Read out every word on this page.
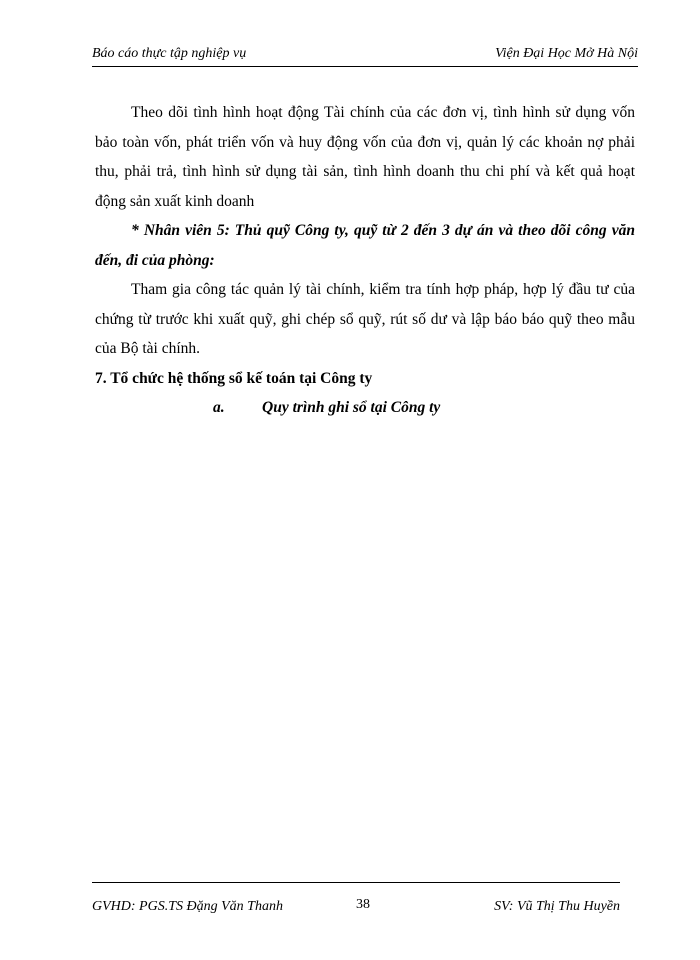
Báo cáo thực tập nghiệp vụ	Viện Đại Học Mở Hà Nội

Theo dõi tình hình hoạt động Tài chính của các đơn vị, tình hình sử dụng vốn bảo toàn vốn, phát triển vốn và huy động vốn của đơn vị, quản lý các khoản nợ phải thu, phải trả, tình hình sử dụng tài sản, tình hình doanh thu chi phí và kết quả hoạt động sản xuất kinh doanh

* Nhân viên 5: Thủ quỹ Công ty, quỹ từ 2 đến 3 dự án và theo dõi công văn đến, đi của phòng:

Tham gia công tác quản lý tài chính, kiểm tra tính hợp pháp, hợp lý đầu tư của chứng từ trước khi xuất quỹ, ghi chép sổ quỹ, rút số dư và lập báo báo quỹ theo mẫu của Bộ tài chính.

7. Tổ chức hệ thống sổ kế toán tại Công ty

a. Quy trình ghi sổ tại Công ty
GVHD: PGS.TS Đặng Văn Thanh	38	SV: Vũ Thị Thu Huyền
